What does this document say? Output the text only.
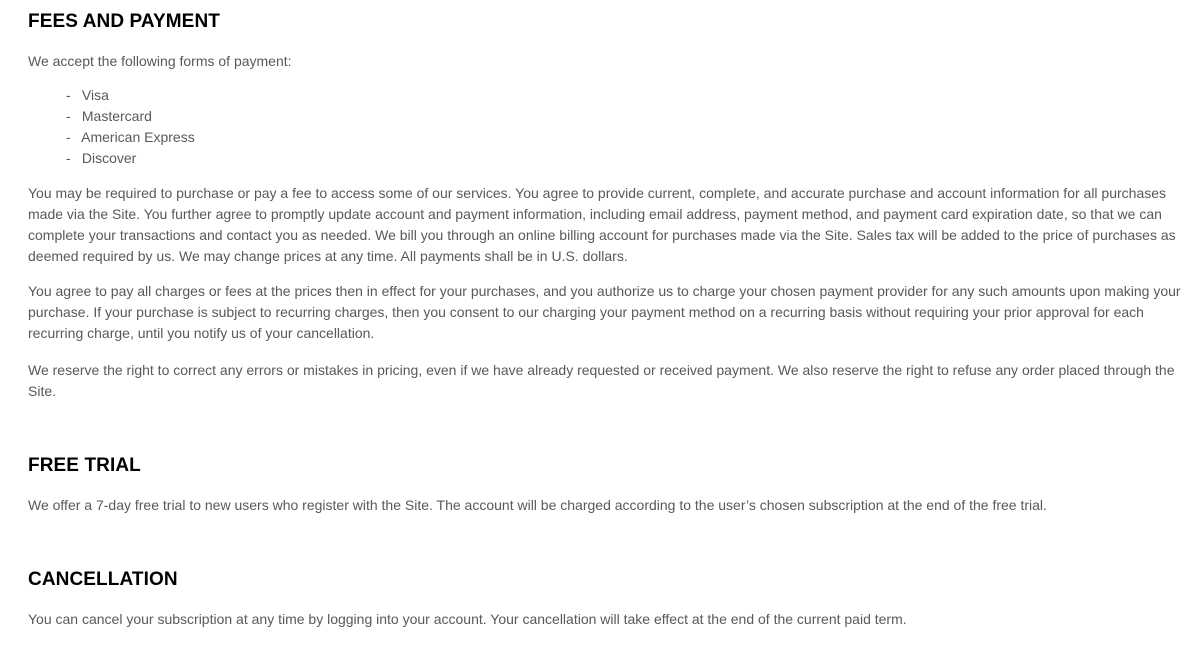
FEES AND PAYMENT

We accept the following forms of payment:

- Visa
- Mastercard
- American Express
- Discover

You may be required to purchase or pay a fee to access some of our services. You agree to provide current, complete, and accurate purchase and account information for all purchases made via the Site. You further agree to promptly update account and payment information, including email address, payment method, and payment card expiration date, so that we can complete your transactions and contact you as needed. We bill you through an online billing account for purchases made via the Site. Sales tax will be added to the price of purchases as deemed required by us. We may change prices at any time. All payments shall be in U.S. dollars.

You agree to pay all charges or fees at the prices then in effect for your purchases, and you authorize us to charge your chosen payment provider for any such amounts upon making your purchase. If your purchase is subject to recurring charges, then you consent to our charging your payment method on a recurring basis without requiring your prior approval for each recurring charge, until you notify us of your cancellation.

We reserve the right to correct any errors or mistakes in pricing, even if we have already requested or received payment. We also reserve the right to refuse any order placed through the Site.

FREE TRIAL

We offer a 7-day free trial to new users who register with the Site. The account will be charged according to the user’s chosen subscription at the end of the free trial.

CANCELLATION

You can cancel your subscription at any time by logging into your account. Your cancellation will take effect at the end of the current paid term.
